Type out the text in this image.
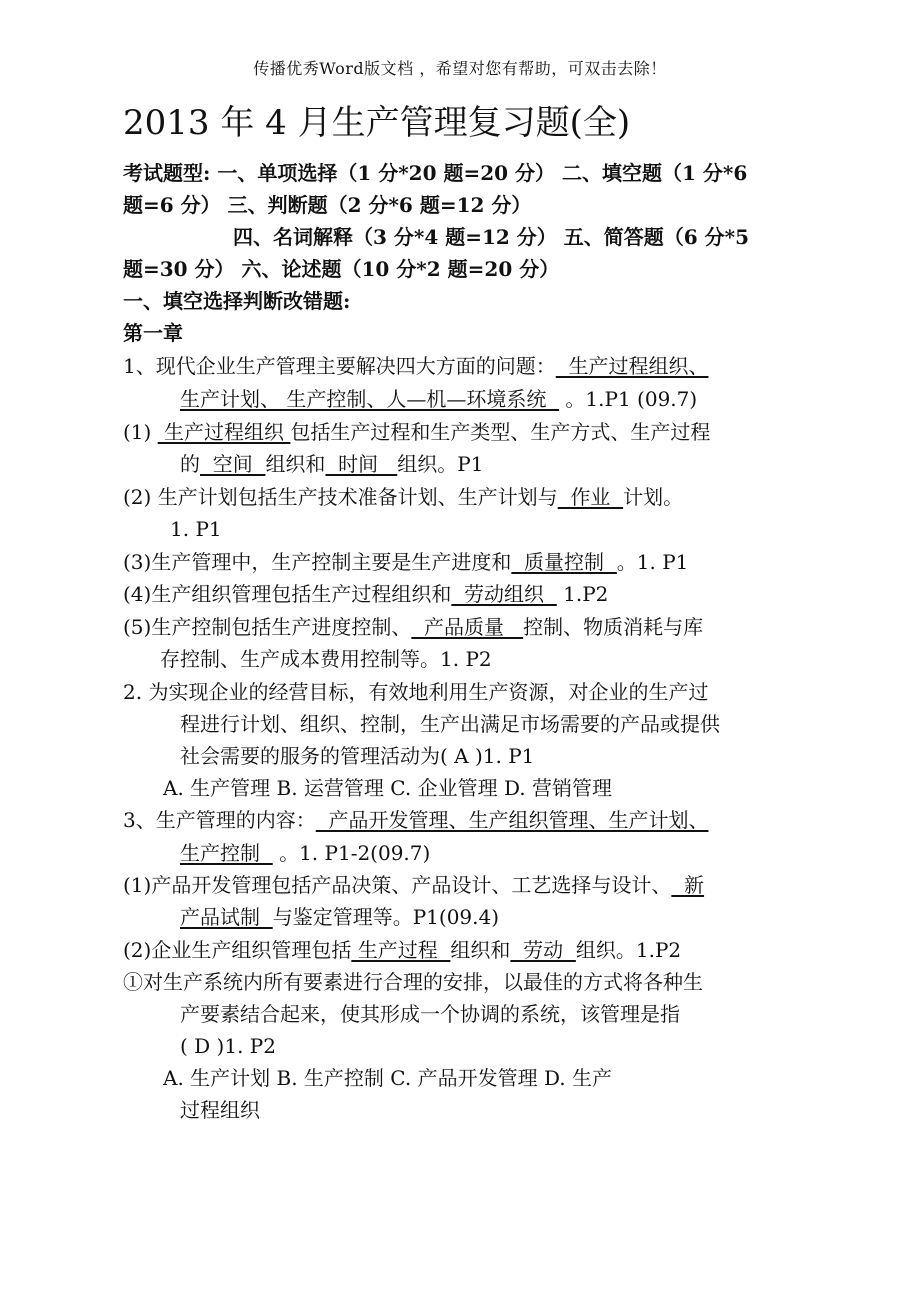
传播优秀Word版文档 ，希望对您有帮助，可双击去除！
2013 年 4 月生产管理复习题(全)
考试题型: 一、单项选择（1 分*20 题=20 分） 二、填空题（1 分*6
题=6 分） 三、判断题（2 分*6 题=12 分）
四、名词解释（3 分*4 题=12 分） 五、简答题（6 分*5
题=30 分） 六、论述题（10 分*2 题=20 分）
一、填空选择判断改错题:
第一章
1、现代企业生产管理主要解决四大方面的问题：  生产过程组织、
生产计划、 生产控制、人—机—环境系统   。1.P1 (09.7)
(1)  生产过程组织 包括生产过程和生产类型、生产方式、生产过程
的  空间  组织和  时间   组织。P1
(2) 生产计划包括生产技术准备计划、生产计划与  作业  计划。
1. P1
(3)生产管理中，生产控制主要是生产进度和  质量控制  。1. P1
(4)生产组织管理包括生产过程组织和  劳动组织   1.P2
(5)生产控制包括生产进度控制、  产品质量   控制、物质消耗与库
存控制、生产成本费用控制等。1. P2
2. 为实现企业的经营目标，有效地利用生产资源，对企业的生产过
程进行计划、组织、控制，生产出满足市场需要的产品或提供
社会需要的服务的管理活动为( A )1. P1
A. 生产管理 B. 运营管理 C. 企业管理 D. 营销管理
3、生产管理的内容：  产品开发管理、生产组织管理、生产计划、
生产控制   。1. P1-2(09.7)
(1)产品开发管理包括产品决策、产品设计、工艺选择与设计、  新
产品试制  与鉴定管理等。P1(09.4)
(2)企业生产组织管理包括 生产过程  组织和  劳动  组织。1.P2
①对生产系统内所有要素进行合理的安排，以最佳的方式将各种生
产要素结合起来，使其形成一个协调的系统，该管理是指
( D )1. P2
A. 生产计划 B. 生产控制 C. 产品开发管理 D. 生产
过程组织
